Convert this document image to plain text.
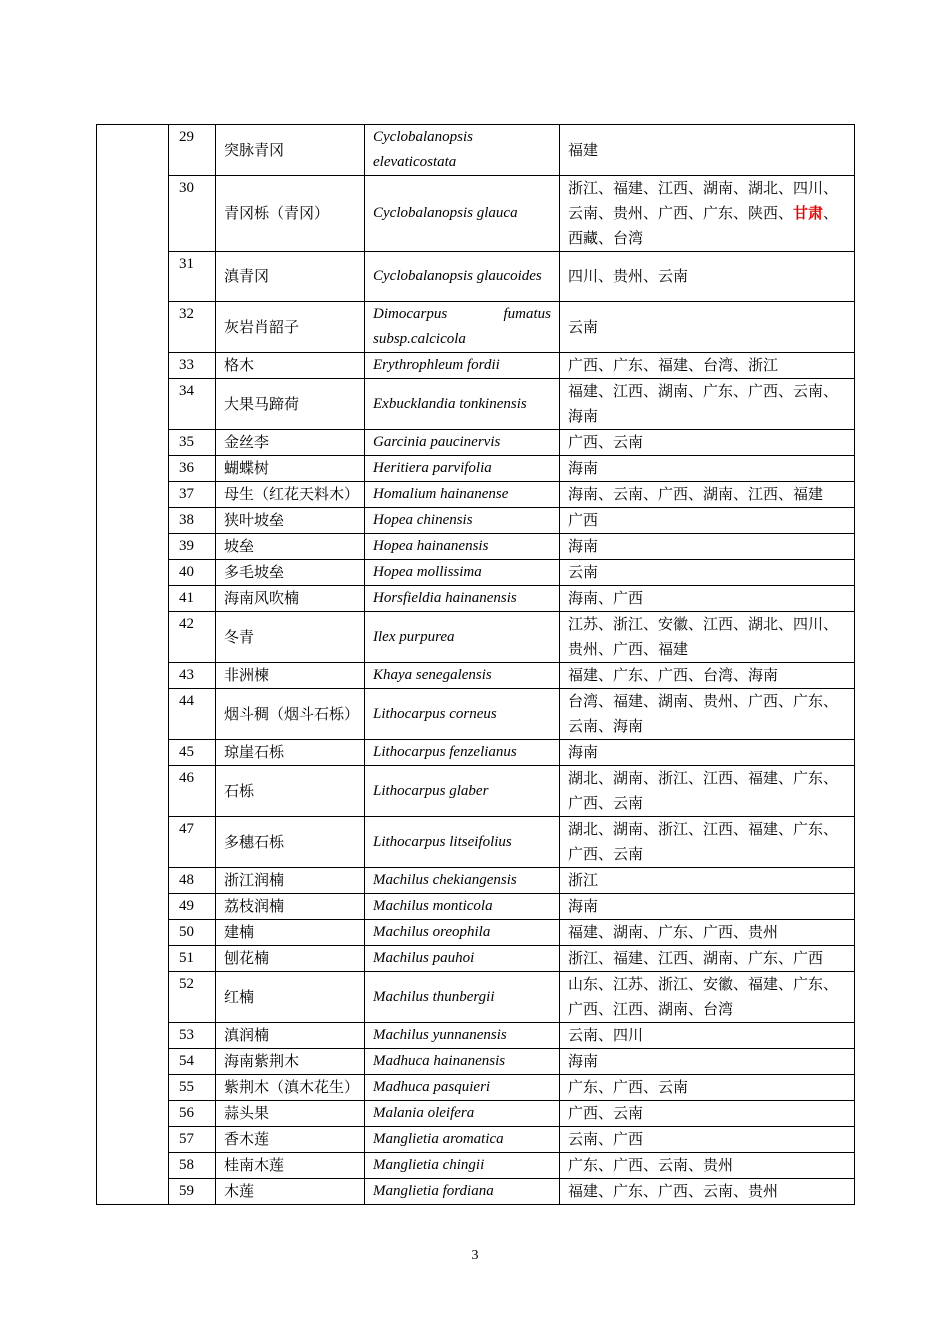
	29	突脉青冈	Cyclobalanopsis elevaticostata	福建
	30	青冈栎（青冈）	Cyclobalanopsis glauca	浙江、福建、江西、湖南、湖北、四川、云南、贵州、广西、广东、陕西、甘肃、西藏、台湾
	31	滇青冈	Cyclobalanopsis glaucoides	四川、贵州、云南
	32	灰岩肖韶子	Dimocarpus fumatus subsp.calcicola	云南
	33	格木	Erythrophleum fordii	广西、广东、福建、台湾、浙江
	34	大果马蹄荷	Exbucklandia tonkinensis	福建、江西、湖南、广东、广西、云南、海南
	35	金丝李	Garcinia paucinervis	广西、云南
	36	蝴蝶树	Heritiera parvifolia	海南
	37	母生（红花天料木）	Homalium hainanense	海南、云南、广西、湖南、江西、福建
	38	狭叶坡垒	Hopea chinensis	广西
	39	坡垒	Hopea hainanensis	海南
	40	多毛坡垒	Hopea mollissima	云南
	41	海南风吹楠	Horsfieldia hainanensis	海南、广西
	42	冬青	Ilex purpurea	江苏、浙江、安徽、江西、湖北、四川、贵州、广西、福建
	43	非洲楝	Khaya senegalensis	福建、广东、广西、台湾、海南
	44	烟斗稠（烟斗石栎）	Lithocarpus corneus	台湾、福建、湖南、贵州、广西、广东、云南、海南
	45	琼崖石栎	Lithocarpus fenzelianus	海南
	46	石栎	Lithocarpus glaber	湖北、湖南、浙江、江西、福建、广东、广西、云南
	47	多穗石栎	Lithocarpus litseifolius	湖北、湖南、浙江、江西、福建、广东、广西、云南
	48	浙江润楠	Machilus chekiangensis	浙江
	49	荔枝润楠	Machilus monticola	海南
	50	建楠	Machilus oreophila	福建、湖南、广东、广西、贵州
	51	刨花楠	Machilus pauhoi	浙江、福建、江西、湖南、广东、广西
	52	红楠	Machilus thunbergii	山东、江苏、浙江、安徽、福建、广东、广西、江西、湖南、台湾
	53	滇润楠	Machilus yunnanensis	云南、四川
	54	海南紫荆木	Madhuca hainanensis	海南
	55	紫荆木（滇木花生）	Madhuca pasquieri	广东、广西、云南
	56	蒜头果	Malania oleifera	广西、云南
	57	香木莲	Manglietia aromatica	云南、广西
	58	桂南木莲	Manglietia chingii	广东、广西、云南、贵州
	59	木莲	Manglietia fordiana	福建、广东、广西、云南、贵州
3
